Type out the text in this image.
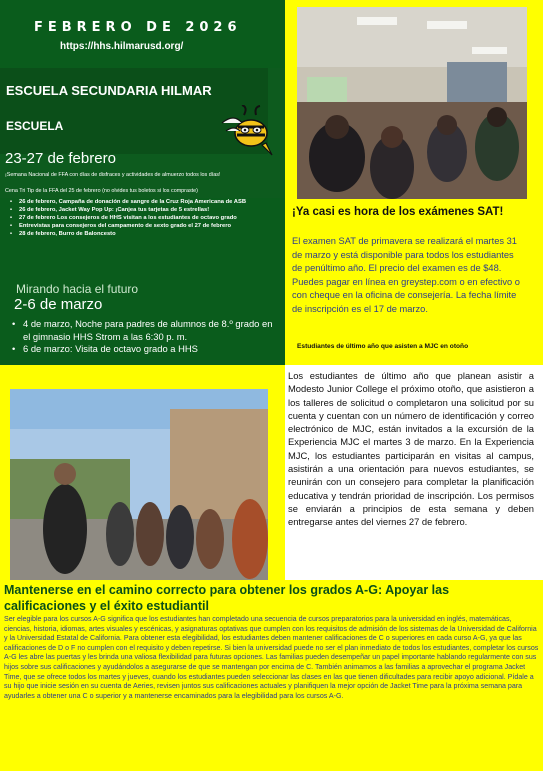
FEBRERO DE 2026
https://hhs.hilmarusd.org/
ESCUELA SECUNDARIA HILMAR
ESCUELA
23-27 de febrero
¡Semana Nacional de FFA con días de disfraces y actividades de almuerzo todos los días!
Cena Tri Tip de la FFA del 25 de febrero (no olvides tus boletos si los compraste)
• 26 de febrero, Campaña de donación de sangre de la Cruz Roja Americana de ASB
• 26 de febrero, Jacket Way Pop Up: ¡Canjea tus tarjetas de 5 estrellas!
• 27 de febrero Los consejeros de HHS visitan a los estudiantes de octavo grado
• Entrevistas para consejeros del campamento de sexto grado el 27 de febrero
• 28 de febrero, Burro de Baloncesto
Mirando hacia el futuro
2-6 de marzo
• 4 de marzo, Noche para padres de alumnos de 8.º grado en el gimnasio HHS Strom a las 6:30 p. m.
• 6 de marzo: Visita de octavo grado a HHS
¡Ya casi es hora de los exámenes SAT!
El examen SAT de primavera se realizará el martes 31 de marzo y está disponible para todos los estudiantes de penúltimo año. El precio del examen es de $48. Puedes pagar en línea en greystep.com o en efectivo o con cheque en la oficina de consejería. La fecha límite de inscripción es el 17 de marzo.
Estudiantes de último año que asisten a MJC en otoño
Los estudiantes de último año que planean asistir a Modesto Junior College el próximo otoño, que asistieron a los talleres de solicitud o completaron una solicitud por su cuenta y cuentan con un número de identificación y correo electrónico de MJC, están invitados a la excursión de la Experiencia MJC el martes 3 de marzo. En la Experiencia MJC, los estudiantes participarán en visitas al campus, asistirán a una orientación para nuevos estudiantes, se reunirán con un consejero para completar la planificación educativa y tendrán prioridad de inscripción. Los permisos se enviarán a principios de esta semana y deben entregarse antes del viernes 27 de febrero.
Mantenerse en el camino correcto para obtener los grados A-G: Apoyar las calificaciones y el éxito estudiantil
Ser elegible para los cursos A-G significa que los estudiantes han completado una secuencia de cursos preparatorios para la universidad en inglés, matemáticas, ciencias, historia, idiomas, artes visuales y escénicas, y asignaturas optativas que cumplen con los requisitos de admisión de los sistemas de la Universidad de California y la Universidad Estatal de California. Para obtener esta elegibilidad, los estudiantes deben mantener calificaciones de C o superiores en cada curso A-G, ya que las calificaciones de D o F no cumplen con el requisito y deben repetirse. Si bien la universidad puede no ser el plan inmediato de todos los estudiantes, completar los cursos A-G les abre las puertas y les brinda una valiosa flexibilidad para futuras opciones. Las familias pueden desempeñar un papel importante hablando regularmente con sus hijos sobre sus calificaciones y ayudándolos a asegurarse de que se mantengan por encima de C. También animamos a las familias a aprovechar el programa Jacket Time, que se ofrece todos los martes y jueves, cuando los estudiantes pueden seleccionar las clases en las que tienen dificultades para recibir apoyo adicional. Pídale a su hijo que inicie sesión en su cuenta de Aeries, revisen juntos sus calificaciones actuales y planifiquen la mejor opción de Jacket Time para la próxima semana para ayudarles a obtener una C o superior y a mantenerse encaminados para la elegibilidad para los cursos A-G.
